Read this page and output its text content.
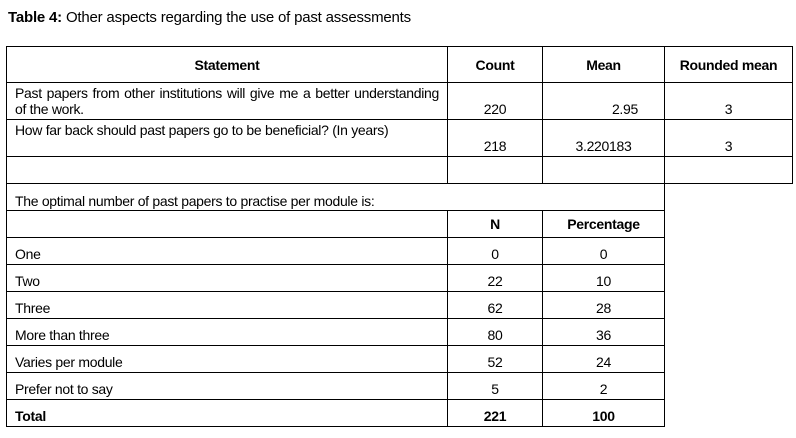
Table 4: Other aspects regarding the use of past assessments
Statement	Count	Mean	Rounded mean
Past papers from other institutions will give me a better understanding of the work.	220	2.95	3
How far back should past papers go to be beneficial? (In years)	218	3.220183	3

The optimal number of past papers to practise per module is:		
	N	Percentage
One	0	0
Two	22	10
Three	62	28
More than three	80	36
Varies per module	52	24
Prefer not to say	5	2
Total	221	100
